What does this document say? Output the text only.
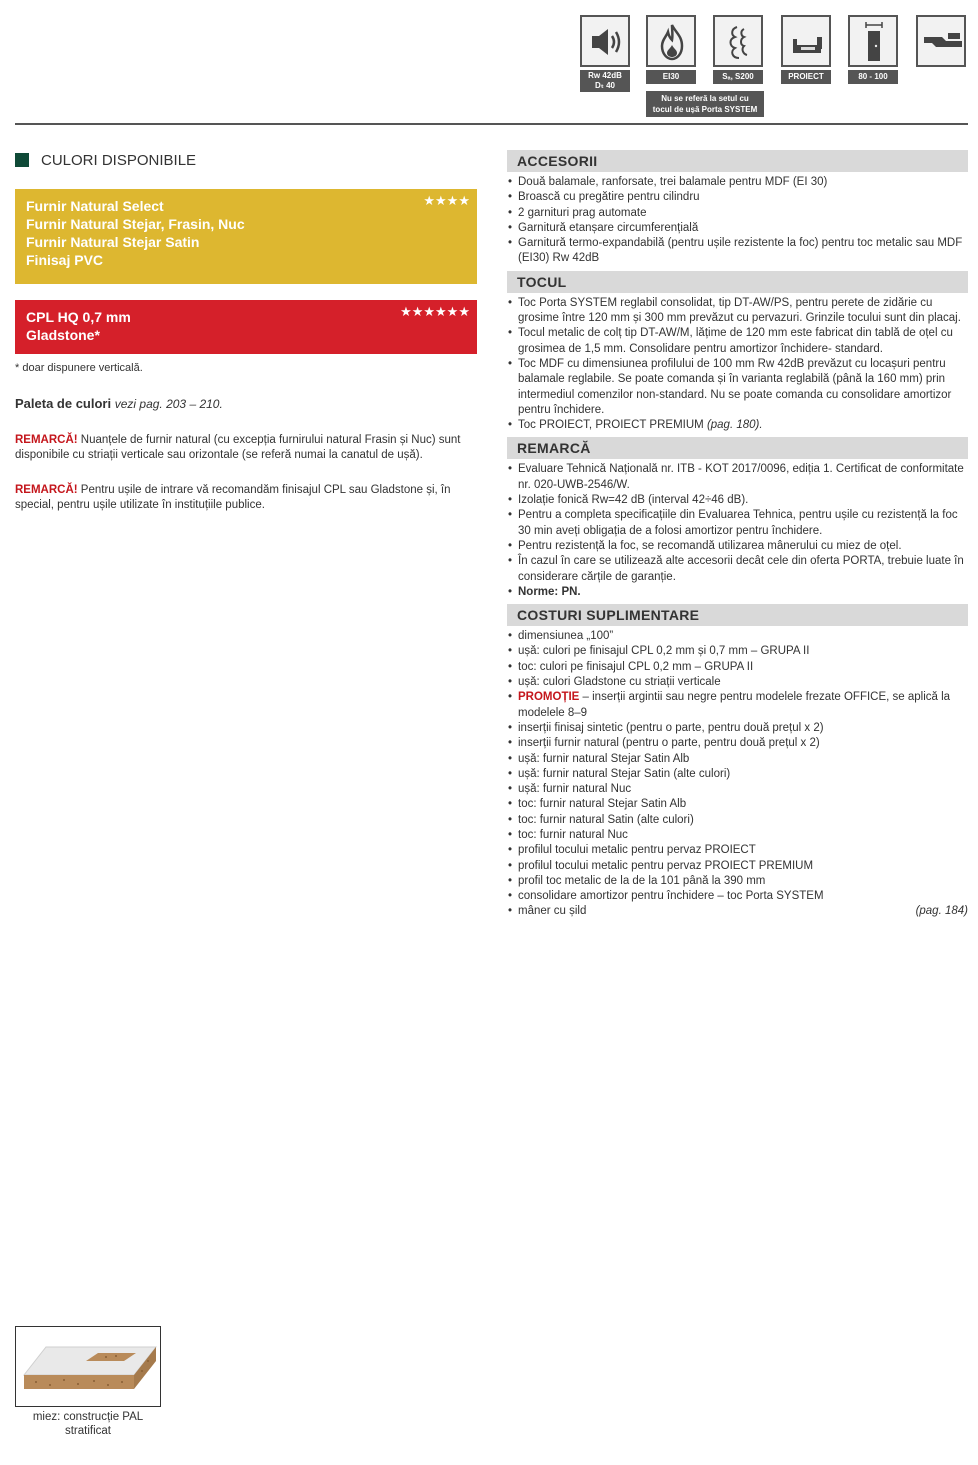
Rw 42dB
Dₜ 40
EI30	Sₐ, S200
Nu se referă la setul cu
tocul de ușă Porta SYSTEM
PROIECT	80 - 100
CULORI DISPONIBILE
Furnir Natural Select
Furnir Natural Stejar, Frasin, Nuc
Furnir Natural Stejar Satin
Finisaj PVC
★★★★
CPL HQ 0,7 mm
Gladstone*
★★★★★★
* doar dispunere verticală.
Paleta de culori vezi pag. 203 – 210.
REMARCĂ! Nuanțele de furnir natural (cu excepția furnirului natural Frasin și Nuc) sunt disponibile cu striații verticale sau orizontale (se referă numai la canatul de ușă).
REMARCĂ! Pentru ușile de intrare vă recomandăm finisajul CPL sau Gladstone și, în special, pentru ușile utilizate în instituțiile publice.
ACCESORII
• Două balamale, ranforsate, trei balamale pentru MDF (EI 30)
• Broască cu pregătire pentru cilindru
• 2 garnituri prag automate
• Garnitură etanșare circumferențială
• Garnitură termo-expandabilă (pentru ușile rezistente la foc) pentru toc metalic sau MDF (EI30) Rw 42dB
TOCUL
• Toc Porta SYSTEM reglabil consolidat, tip DT-AW/PS, pentru perete de zidărie cu grosime între 120 mm și 300 mm prevăzut cu pervazuri. Grinzile tocului sunt din placaj.
• Tocul metalic de colț tip DT-AW/M, lățime de 120 mm este fabricat din tablă de oțel cu grosimea de 1,5 mm. Consolidare pentru amortizor închidere- standard.
• Toc MDF cu dimensiunea profilului de 100 mm Rw 42dB prevăzut cu locașuri pentru balamale reglabile. Se poate comanda și în varianta reglabilă (până la 160 mm) prin intermediul comenzilor non-standard. Nu se poate comanda cu consolidare amortizor pentru închidere.
• Toc PROIECT, PROIECT PREMIUM (pag. 180).
REMARCĂ
• Evaluare Tehnică Națională nr. ITB - KOT 2017/0096, ediția 1. Certificat de conformitate nr. 020-UWB-2546/W.
• Izolație fonică Rw=42 dB (interval 42÷46 dB).
• Pentru a completa specificațiile din Evaluarea Tehnica, pentru ușile cu rezistență la foc 30 min aveți obligația de a folosi amortizor pentru închidere.
• Pentru rezistență la foc, se recomandă utilizarea mânerului cu miez de oțel.
• În cazul în care se utilizează alte accesorii decât cele din oferta PORTA, trebuie luate în considerare cărțile de garanție.
• Norme: PN.
COSTURI SUPLIMENTARE
• dimensiunea „100”
• ușă: culori pe finisajul CPL 0,2 mm și 0,7 mm – GRUPA II
• toc: culori pe finisajul CPL 0,2 mm – GRUPA II
• ușă: culori Gladstone cu striații verticale
• PROMOȚIE – inserții argintii sau negre pentru modelele frezate OFFICE, se aplică la modelele 8–9
• inserții finisaj sintetic (pentru o parte, pentru două prețul x 2)
• inserții furnir natural (pentru o parte, pentru două prețul x 2)
• ușă: furnir natural Stejar Satin Alb
• ușă: furnir natural Stejar Satin (alte culori)
• ușă: furnir natural Nuc
• toc: furnir natural Stejar Satin Alb
• toc: furnir natural Satin (alte culori)
• toc: furnir natural Nuc
• profilul tocului metalic pentru pervaz PROIECT
• profilul tocului metalic pentru pervaz PROIECT PREMIUM
• profil toc metalic de la de la 101 până la 390 mm
• consolidare amortizor pentru închidere – toc Porta SYSTEM
• mâner cu șild	(pag. 184)
miez: construcție PAL
stratificat
